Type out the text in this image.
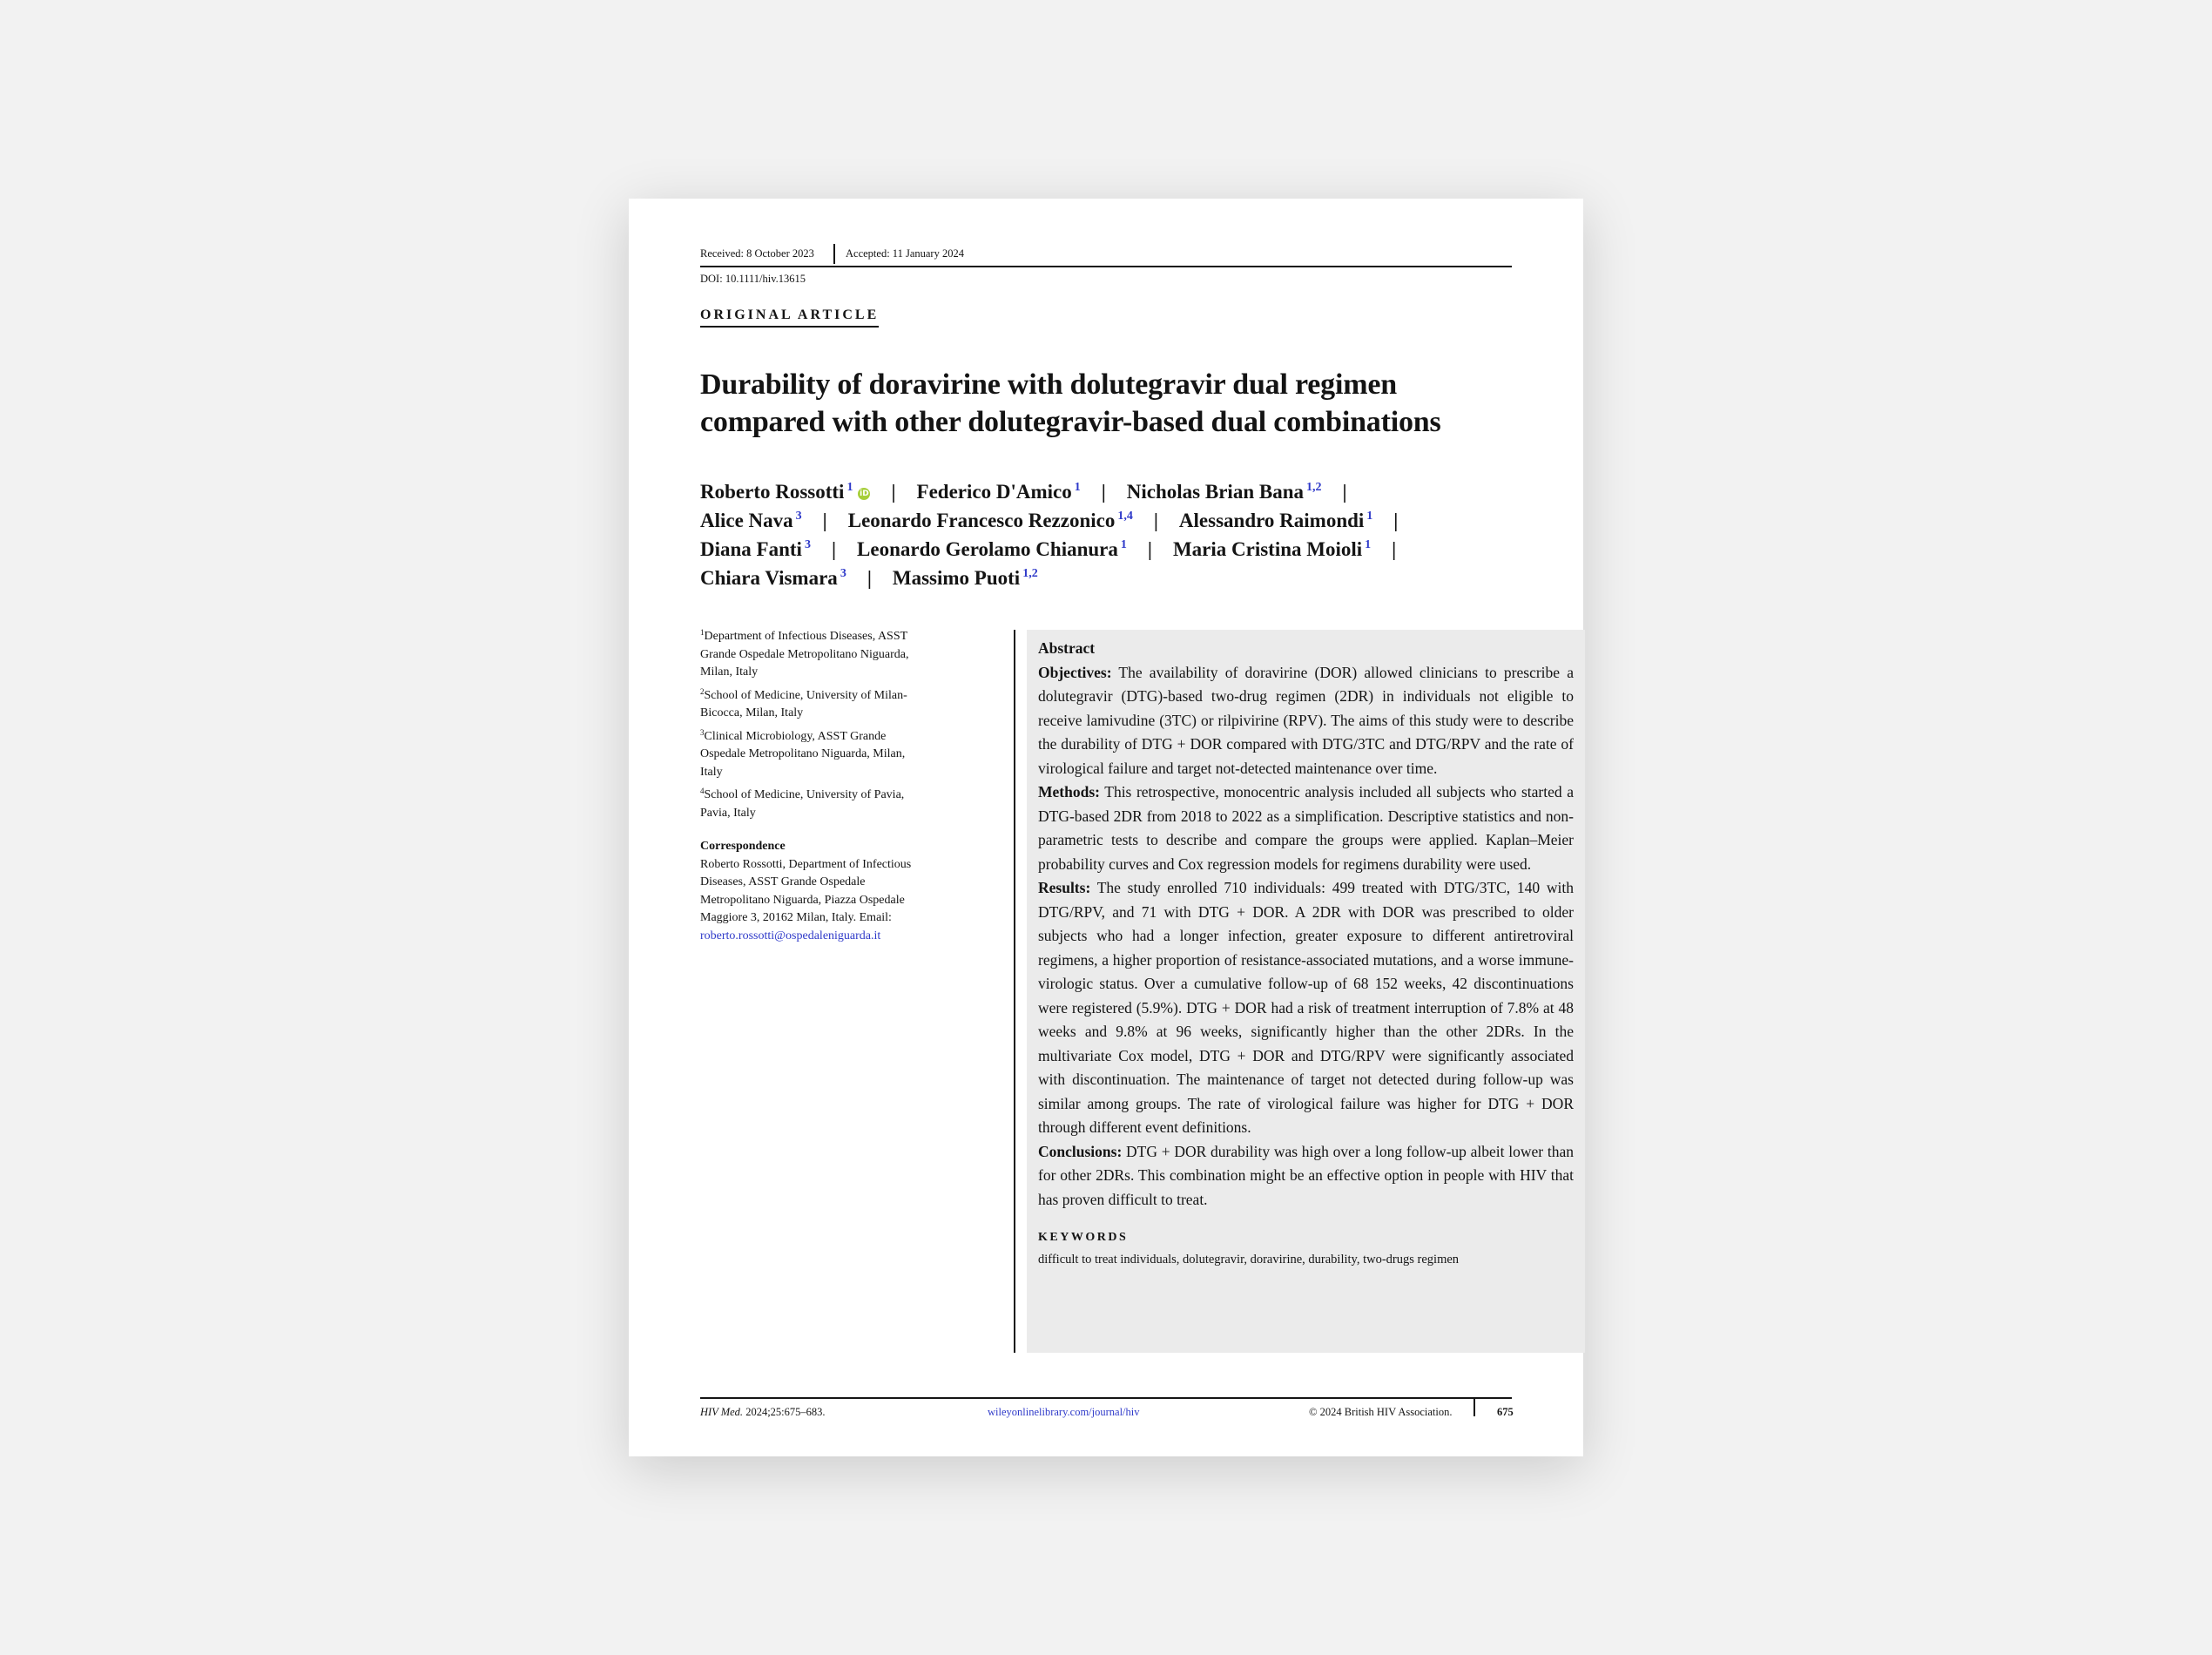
Received: 8 October 2023	Accepted: 11 January 2024
DOI: 10.1111/hiv.13615
ORIGINAL ARTICLE
Durability of doravirine with dolutegravir dual regimen
compared with other dolutegravir-based dual combinations
Roberto Rossotti $^1$ iD | Federico D'Amico $^1$ | Nicholas Brian Bana $^{1,2}$ |
Alice Nava $^3$ | Leonardo Francesco Rezzonico $^{1,4}$ | Alessandro Raimondi $^1$ |
Diana Fanti $^3$ | Leonardo Gerolamo Chianura $^1$ | Maria Cristina Moioli $^1$ |
Chiara Vismara $^3$ | Massimo Puoti $^{1,2}$
$^1$Department of Infectious Diseases, ASST Grande Ospedale Metropolitano Niguarda, Milan, Italy
$^2$School of Medicine, University of Milan-Bicocca, Milan, Italy
$^3$Clinical Microbiology, ASST Grande Ospedale Metropolitano Niguarda, Milan, Italy
$^4$School of Medicine, University of Pavia, Pavia, Italy
Correspondence
Roberto Rossotti, Department of Infectious Diseases, ASST Grande Ospedale Metropolitano Niguarda, Piazza Ospedale Maggiore 3, 20162 Milan, Italy. Email: roberto.rossotti@ospedaleniguarda.it
Abstract

Objectives: The availability of doravirine (DOR) allowed clinicians to prescribe a dolutegravir (DTG)-based two-drug regimen (2DR) in individuals not eligible to receive lamivudine (3TC) or rilpivirine (RPV). The aims of this study were to describe the durability of DTG + DOR compared with DTG/3TC and DTG/RPV and the rate of virological failure and target not-detected maintenance over time.

Methods: This retrospective, monocentric analysis included all subjects who started a DTG-based 2DR from 2018 to 2022 as a simplification. Descriptive statistics and non-parametric tests to describe and compare the groups were applied. Kaplan–Meier probability curves and Cox regression models for regimens durability were used.

Results: The study enrolled 710 individuals: 499 treated with DTG/3TC, 140 with DTG/RPV, and 71 with DTG + DOR. A 2DR with DOR was prescribed to older subjects who had a longer infection, greater exposure to different antiretroviral regimens, a higher proportion of resistance-associated mutations, and a worse immune-virologic status. Over a cumulative follow-up of 68 152 weeks, 42 discontinuations were registered (5.9%). DTG + DOR had a risk of treatment interruption of 7.8% at 48 weeks and 9.8% at 96 weeks, significantly higher than the other 2DRs. In the multivariate Cox model, DTG + DOR and DTG/RPV were significantly associated with discontinuation. The maintenance of target not detected during follow-up was similar among groups. The rate of virological failure was higher for DTG + DOR through different event definitions.

Conclusions: DTG + DOR durability was high over a long follow-up albeit lower than for other 2DRs. This combination might be an effective option in people with HIV that has proven difficult to treat.

KEYWORDS
difficult to treat individuals, dolutegravir, doravirine, durability, two-drugs regimen
HIV Med. 2024;25:675–683.	wileyonlinelibrary.com/journal/hiv	© 2024 British HIV Association.	675
